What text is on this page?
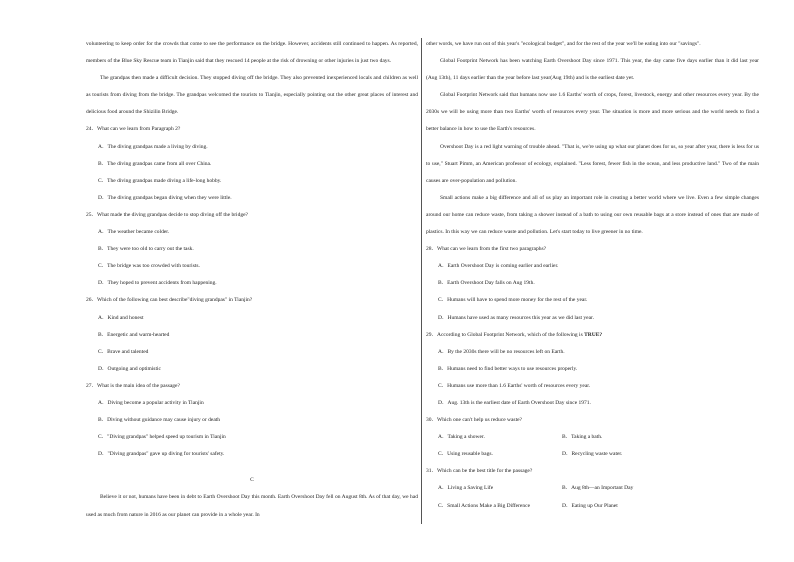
volunteering to keep order for the crowds that come to see the performance on the bridge. However, accidents still continued to happen. As reported, members of the Blue Sky Rescue team in Tianjin said that they rescued 14 people at the risk of drowning or other injuries in just two days.

The grandpas then made a difficult decision. They stopped diving off the bridge. They also prevented inexperienced locals and children as well as tourists from diving from the bridge. The grandpas welcomed the tourists to Tianjin, especially pointing out the other great places of interest and delicious food around the Shizilin Bridge.

24．What can we learn from Paragraph 2?

A．The diving grandpas made a living by diving.

B．The diving grandpas came from all over China.

C．The diving grandpas made diving a life-long hobby.

D．The diving grandpas began diving when they were little.

25．What made the diving grandpas decide to stop diving off the bridge?

A．The weather became colder.

B．They were too old to carry out the task.

C．The bridge was too crowded with tourists.

D．They hoped to prevent accidents from happening.

26．Which of the following can best describe"diving grandpas" in Tianjin?

A．Kind and honest

B．Energetic and warm-hearted

C．Brave and talented

D．Outgoing and optimistic

27．What is the main idea of the passage?

A．Diving become a popular activity in Tianjin

B．Diving without guidance may cause injury or death

C．"Diving grandpas" helped speed up tourism in Tianjin

D．"Diving grandpas" gave up diving for tourists' safety.

C

Believe it or not, humans have been in debt to Earth Overshoot Day this month. Earth Overshoot Day fell on August 8th. As of that day, we had used as much from nature in 2016 as our planet can provide in a whole year. In

other words, we have run out of this year's "ecological budget", and for the rest of the year we'll be eating into our "savings".

Global Footprint Network has been watching Earth Overshoot Day since 1971. This year, the day came five days earlier than it did last year (Aug 13th), 11 days earlier than the year before last year(Aug 19th) and is the earliest date yet.

Global Footprint Network said that humans now use 1.6 Earths' worth of crops, forest, livestock, energy and other resources every year. By the 2030s we will be using more than two Earths' worth of resources every year. The situation is more and more serious and the world needs to find a better balance in how to use the Earth's resources.

Overshoot Day is a red light warning of trouble ahead. "That is, we're using up what our planet does for us, so year after year, there is less for us to use," Stuart Pimm, an American professor of ecology, explained. "Less forest, fewer fish in the ocean, and less productive land." Two of the main causes are over-population and pollution.

Small actions make a big difference and all of us play an important role in creating a better world where we live. Even a few simple changes around our home can reduce waste, from taking a shower instead of a bath to using our own reusable bags at a store instead of ones that are made of plastics. In this way we can reduce waste and pollution. Let's start today to live greener in no time.

28．What can we learn from the first two paragraphs?

A．Earth Overshoot Day is coming earlier and earlier.

B．Earth Overshoot Day falls on Aug 19th.

C．Humans will have to spend more money for the rest of the year.

D．Humans have used as many resources this year as we did last year.

29．According to Global Footprint Network, which of the following is TRUE?

A．By the 2030s there will be no resources left on Earth.

B．Humans need to find better ways to use resources properly.

C．Humans use more than 1.6 Earths' worth of resources every year.

D．Aug. 13th is the earliest date of Earth Overshoot Day since 1971.

30．Which one can't help us reduce waste?

A．Taking a shower.	B．Taking a bath.
C．Using reusable bags.	D．Recycling waste water.

31．Which can be the best title for the passage?

A．Living a Saving Life	B．Aug 8th—an Important Day
C．Small Actions Make a Big Difference	D．Eating up Our Planet
